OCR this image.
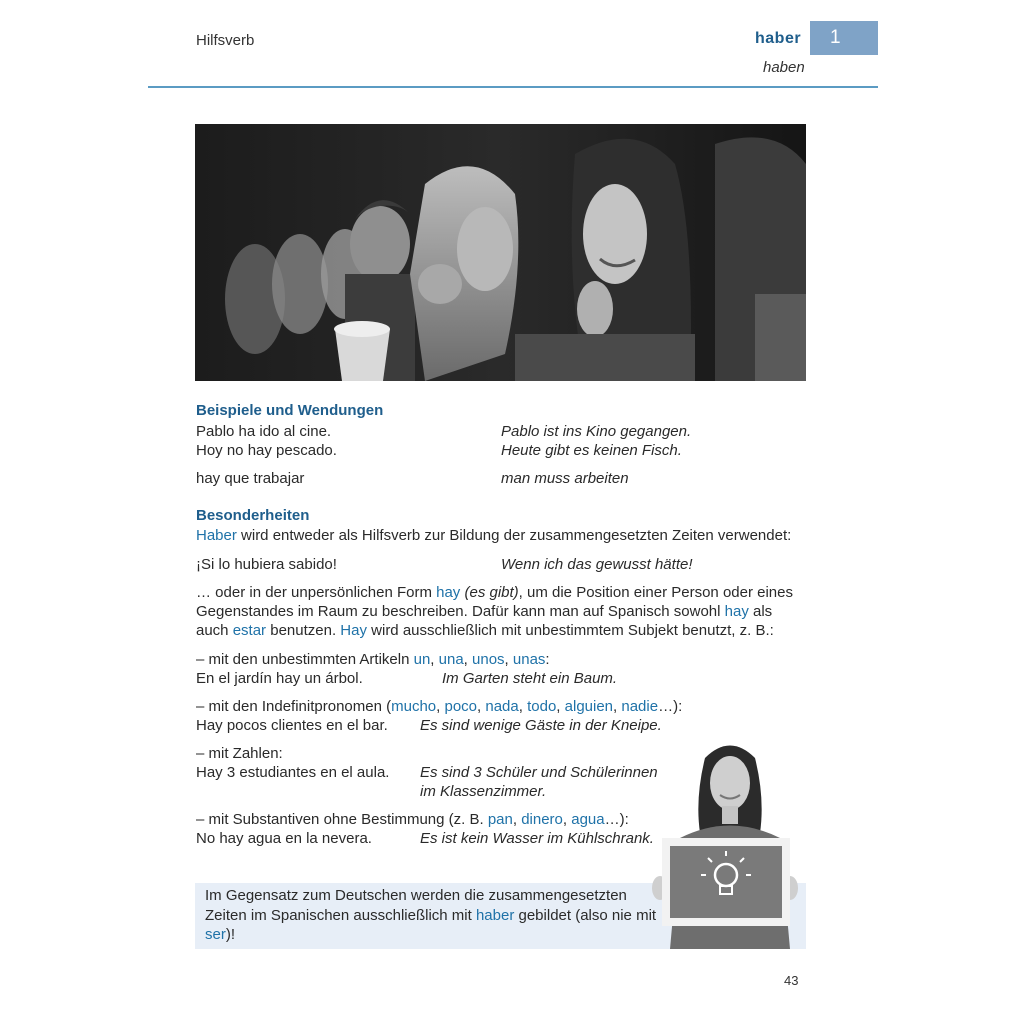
Hilfsverb	haber
haben
1
Beispiele und Wendungen
Pablo ha ido al cine.	Pablo ist ins Kino gegangen.
Hoy no hay pescado.	Heute gibt es keinen Fisch.
hay que trabajar	man muss arbeiten
Besonderheiten
Haber wird entweder als Hilfsverb zur Bildung der zusammengesetzten Zeiten verwendet:
¡Si lo hubiera sabido!	Wenn ich das gewusst hätte!
… oder in der unpersönlichen Form hay (es gibt), um die Position einer Person oder eines
Gegenstandes im Raum zu beschreiben. Dafür kann man auf Spanisch sowohl hay als
auch estar benutzen. Hay wird ausschließlich mit unbestimmtem Subjekt benutzt, z. B.:
– mit den unbestimmten Artikeln un, una, unos, unas:
En el jardín hay un árbol.	Im Garten steht ein Baum.
– mit den Indefinitpronomen (mucho, poco, nada, todo, alguien, nadie…):
Hay pocos clientes en el bar. Es sind wenige Gäste in der Kneipe.
– mit Zahlen:
Hay 3 estudiantes en el aula. Es sind 3 Schüler und Schülerinnen
im Klassenzimmer.
– mit Substantiven ohne Bestimmung (z. B. pan, dinero, agua…):
No hay agua en la nevera.	Es ist kein Wasser im Kühlschrank.
Im Gegensatz zum Deutschen werden die zusammengesetzten Zeiten im Spanischen ausschließlich mit haber gebildet (also nie mit ser)!
43
